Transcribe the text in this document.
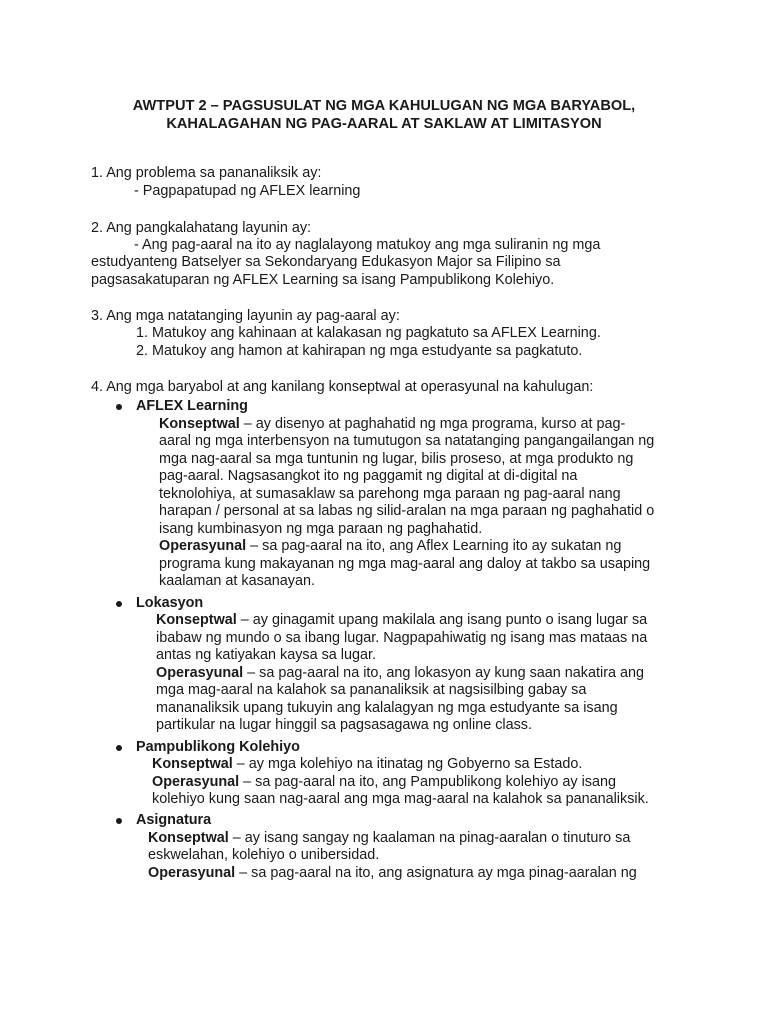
AWTPUT 2 – PAGSUSULAT NG MGA KAHULUGAN NG MGA BARYABOL,
KAHALAGAHAN NG PAG-AARAL AT SAKLAW AT LIMITASYON
1. Ang problema sa pananaliksik ay:
- Pagpapatupad ng AFLEX learning
2. Ang pangkalahatang layunin ay:
- Ang pag-aaral na ito ay naglalayong matukoy ang mga suliranin ng mga
estudyanteng Batselyer sa Sekondaryang Edukasyon Major sa Filipino sa
pagsasakatuparan ng AFLEX Learning sa isang Pampublikong Kolehiyo.
3. Ang mga natatanging layunin ay pag-aaral ay:
1. Matukoy ang kahinaan at kalakasan ng pagkatuto sa AFLEX Learning.
2. Matukoy ang hamon at kahirapan ng mga estudyante sa pagkatuto.
4. Ang mga baryabol at ang kanilang konseptwal at operasyunal na kahulugan:
AFLEX Learning
Konseptwal – ay disenyo at paghahatid ng mga programa, kurso at pag-
aaral ng mga interbensyon na tumutugon sa natatanging pangangailangan ng
mga nag-aaral sa mga tuntunin ng lugar, bilis proseso, at mga produkto ng
pag-aaral. Nagsasangkot ito ng paggamit ng digital at di-digital na
teknolohiya, at sumasaklaw sa parehong mga paraan ng pag-aaral nang
harapan / personal at sa labas ng silid-aralan na mga paraan ng paghahatid o
isang kumbinasyon ng mga paraan ng paghahatid.
Operasyunal – sa pag-aaral na ito, ang Aflex Learning ito ay sukatan ng
programa kung makayanan ng mga mag-aaral ang daloy at takbo sa usaping
kaalaman at kasanayan.
Lokasyon
Konseptwal – ay ginagamit upang makilala ang isang punto o isang lugar sa
ibabaw ng mundo o sa ibang lugar. Nagpapahiwatig ng isang mas mataas na
antas ng katiyakan kaysa sa lugar.
Operasyunal – sa pag-aaral na ito, ang lokasyon ay kung saan nakatira ang
mga mag-aaral na kalahok sa pananaliksik at nagsisilbing gabay sa
mananaliksik upang tukuyin ang kalalagyan ng mga estudyante sa isang
partikular na lugar hinggil sa pagsasagawa ng online class.
Pampublikong Kolehiyo
Konseptwal – ay mga kolehiyo na itinatag ng Gobyerno sa Estado.
Operasyunal – sa pag-aaral na ito, ang Pampublikong kolehiyo ay isang
kolehiyo kung saan nag-aaral ang mga mag-aaral na kalahok sa pananaliksik.
Asignatura
Konseptwal – ay isang sangay ng kaalaman na pinag-aaralan o tinuturo sa
eskwelahan, kolehiyo o unibersidad.
Operasyunal – sa pag-aaral na ito, ang asignatura ay mga pinag-aaralan ng
